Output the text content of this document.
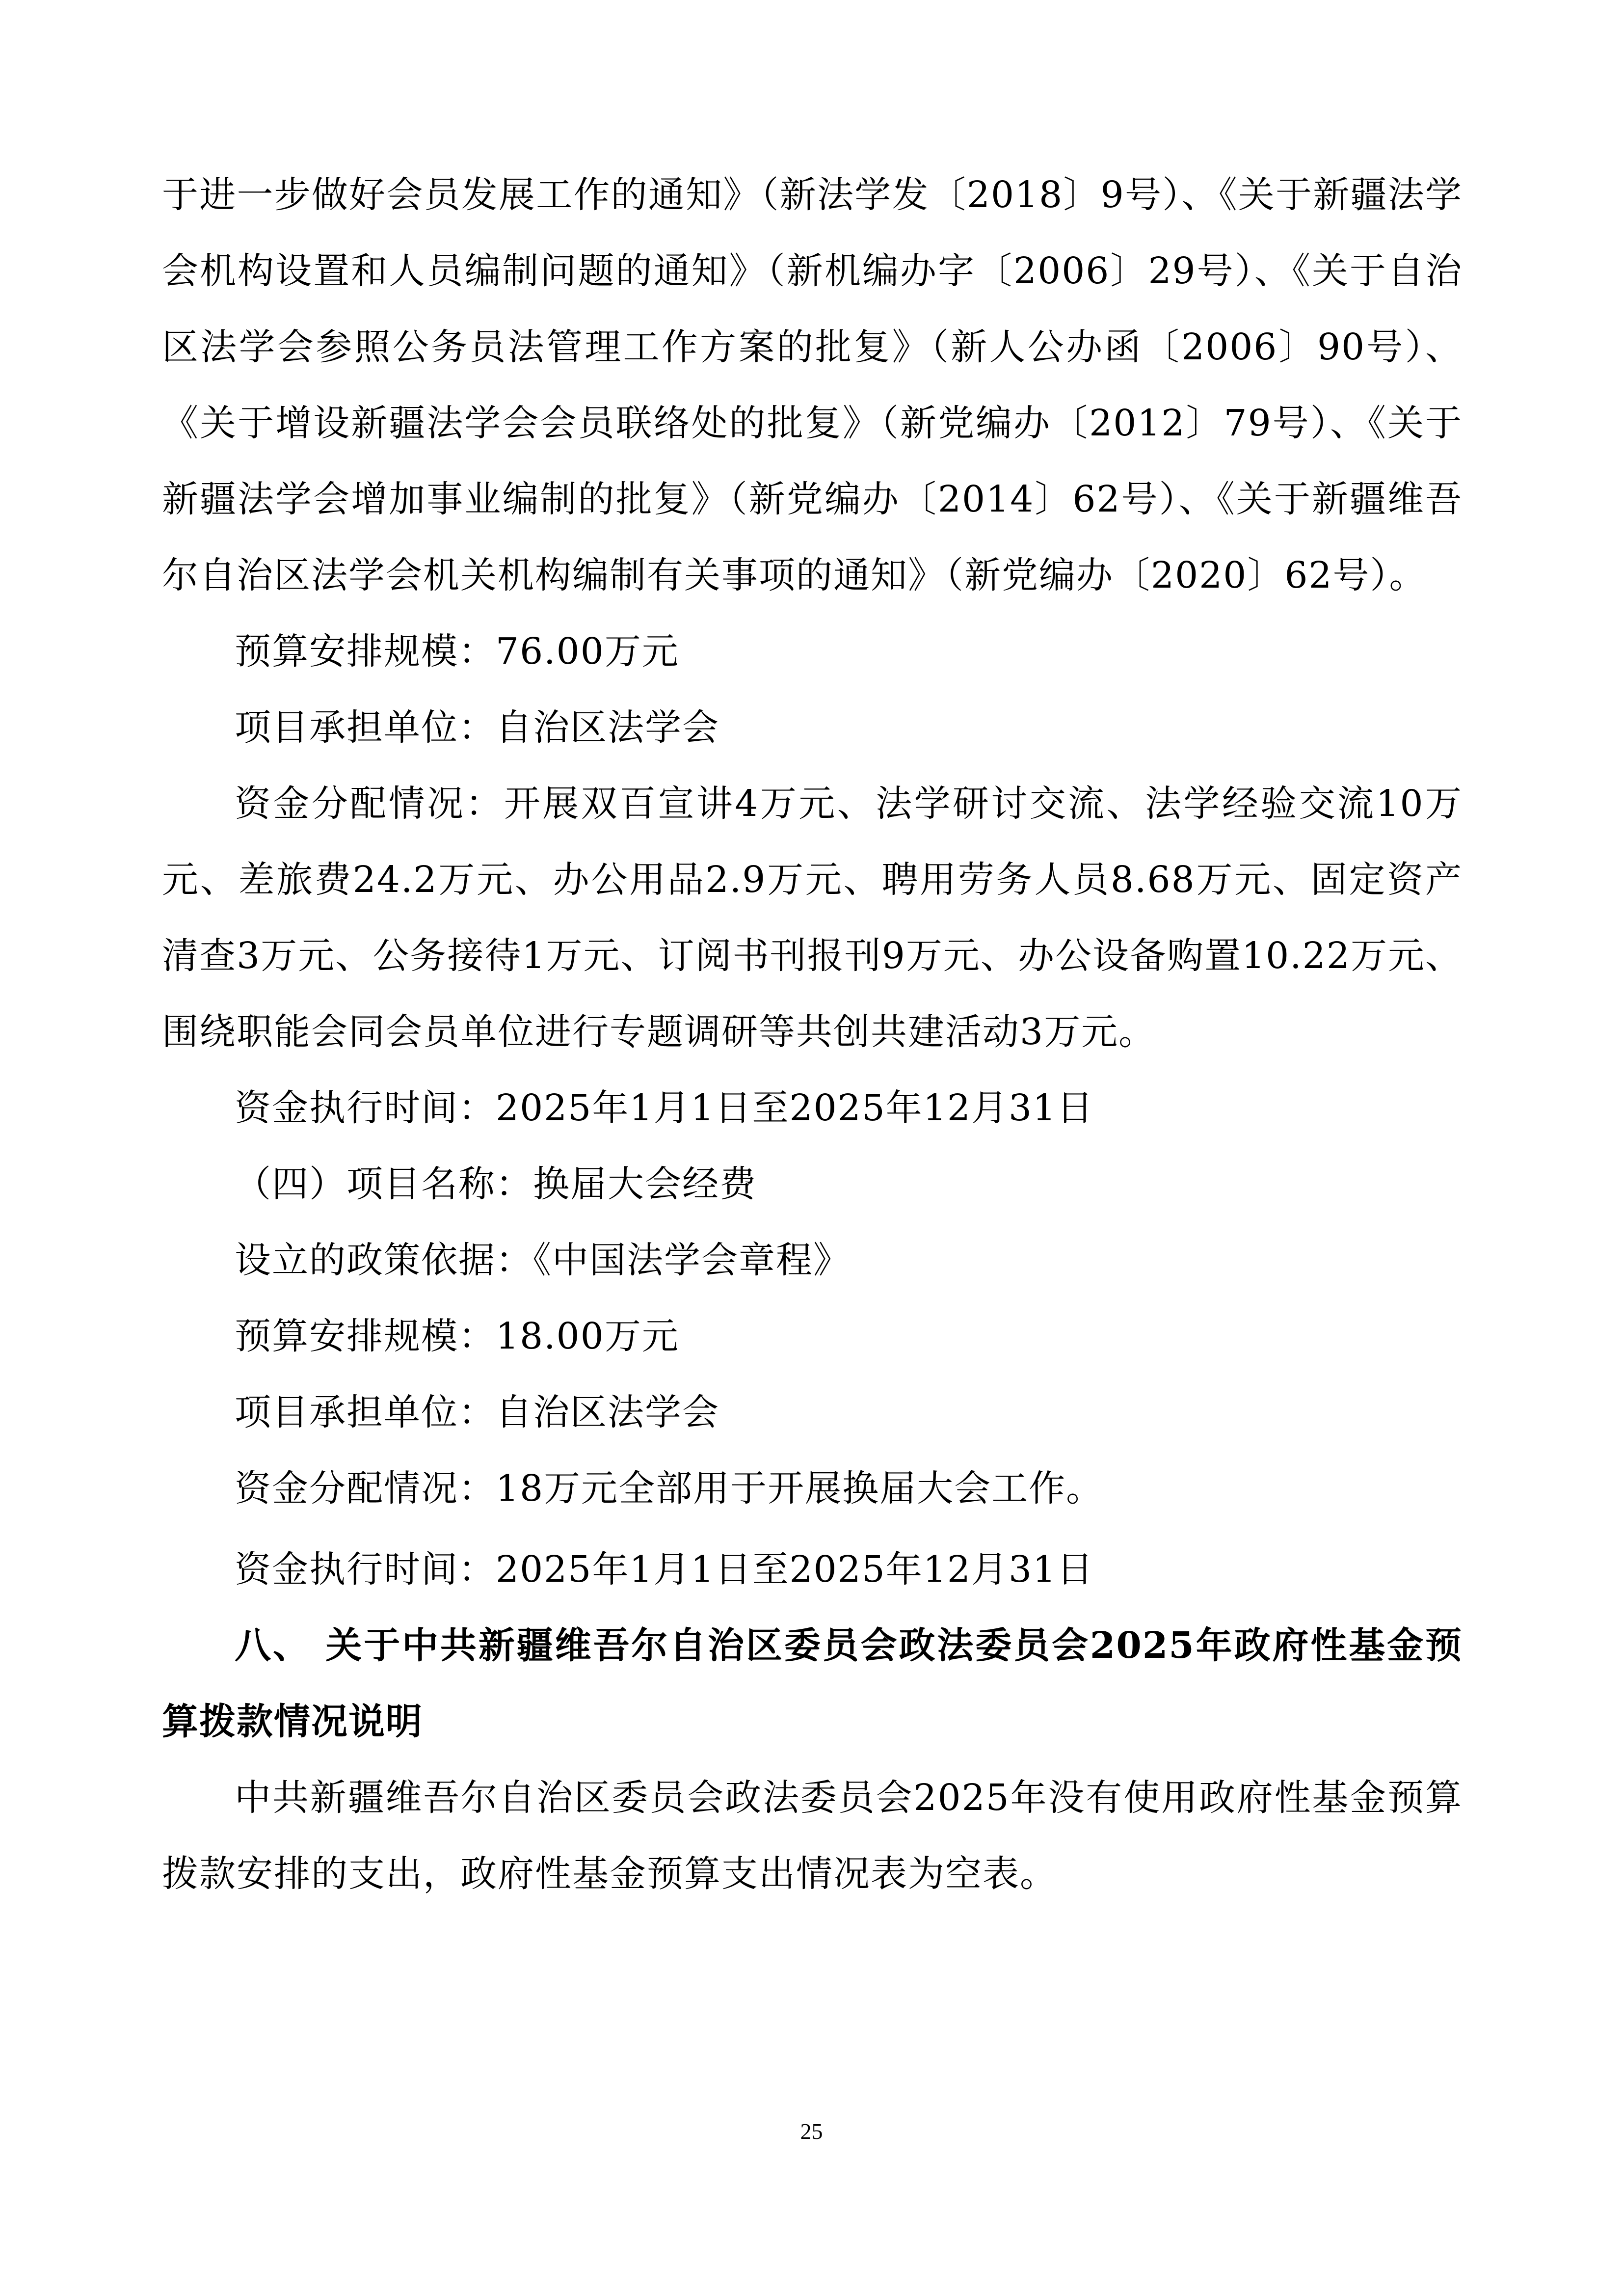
于进一步做好会员发展工作的通知》（新法学发〔2018〕9号）、《关于新疆法学会机构设置和人员编制问题的通知》（新机编办字〔2006〕29号）、《关于自治区法学会参照公务员法管理工作方案的批复》（新人公办函〔2006〕90号）、《关于增设新疆法学会会员联络处的批复》（新党编办〔2012〕79号）、《关于新疆法学会增加事业编制的批复》（新党编办〔2014〕62号）、《关于新疆维吾尔自治区法学会机关机构编制有关事项的通知》（新党编办〔2020〕62号）。

预算安排规模：76.00万元

项目承担单位：自治区法学会

资金分配情况：开展双百宣讲4万元、法学研讨交流、法学经验交流10万元、差旅费24.2万元、办公用品2.9万元、聘用劳务人员8.68万元、固定资产清查3万元、公务接待1万元、订阅书刊报刊9万元、办公设备购置10.22万元、围绕职能会同会员单位进行专题调研等共创共建活动3万元。

资金执行时间：2025年1月1日至2025年12月31日

（四）项目名称：换届大会经费

设立的政策依据：《中国法学会章程》

预算安排规模：18.00万元

项目承担单位：自治区法学会

资金分配情况：18万元全部用于开展换届大会工作。

资金执行时间：2025年1月1日至2025年12月31日

八、 关于中共新疆维吾尔自治区委员会政法委员会2025年政府性基金预算拨款情况说明

中共新疆维吾尔自治区委员会政法委员会2025年没有使用政府性基金预算拨款安排的支出，政府性基金预算支出情况表为空表。

25
